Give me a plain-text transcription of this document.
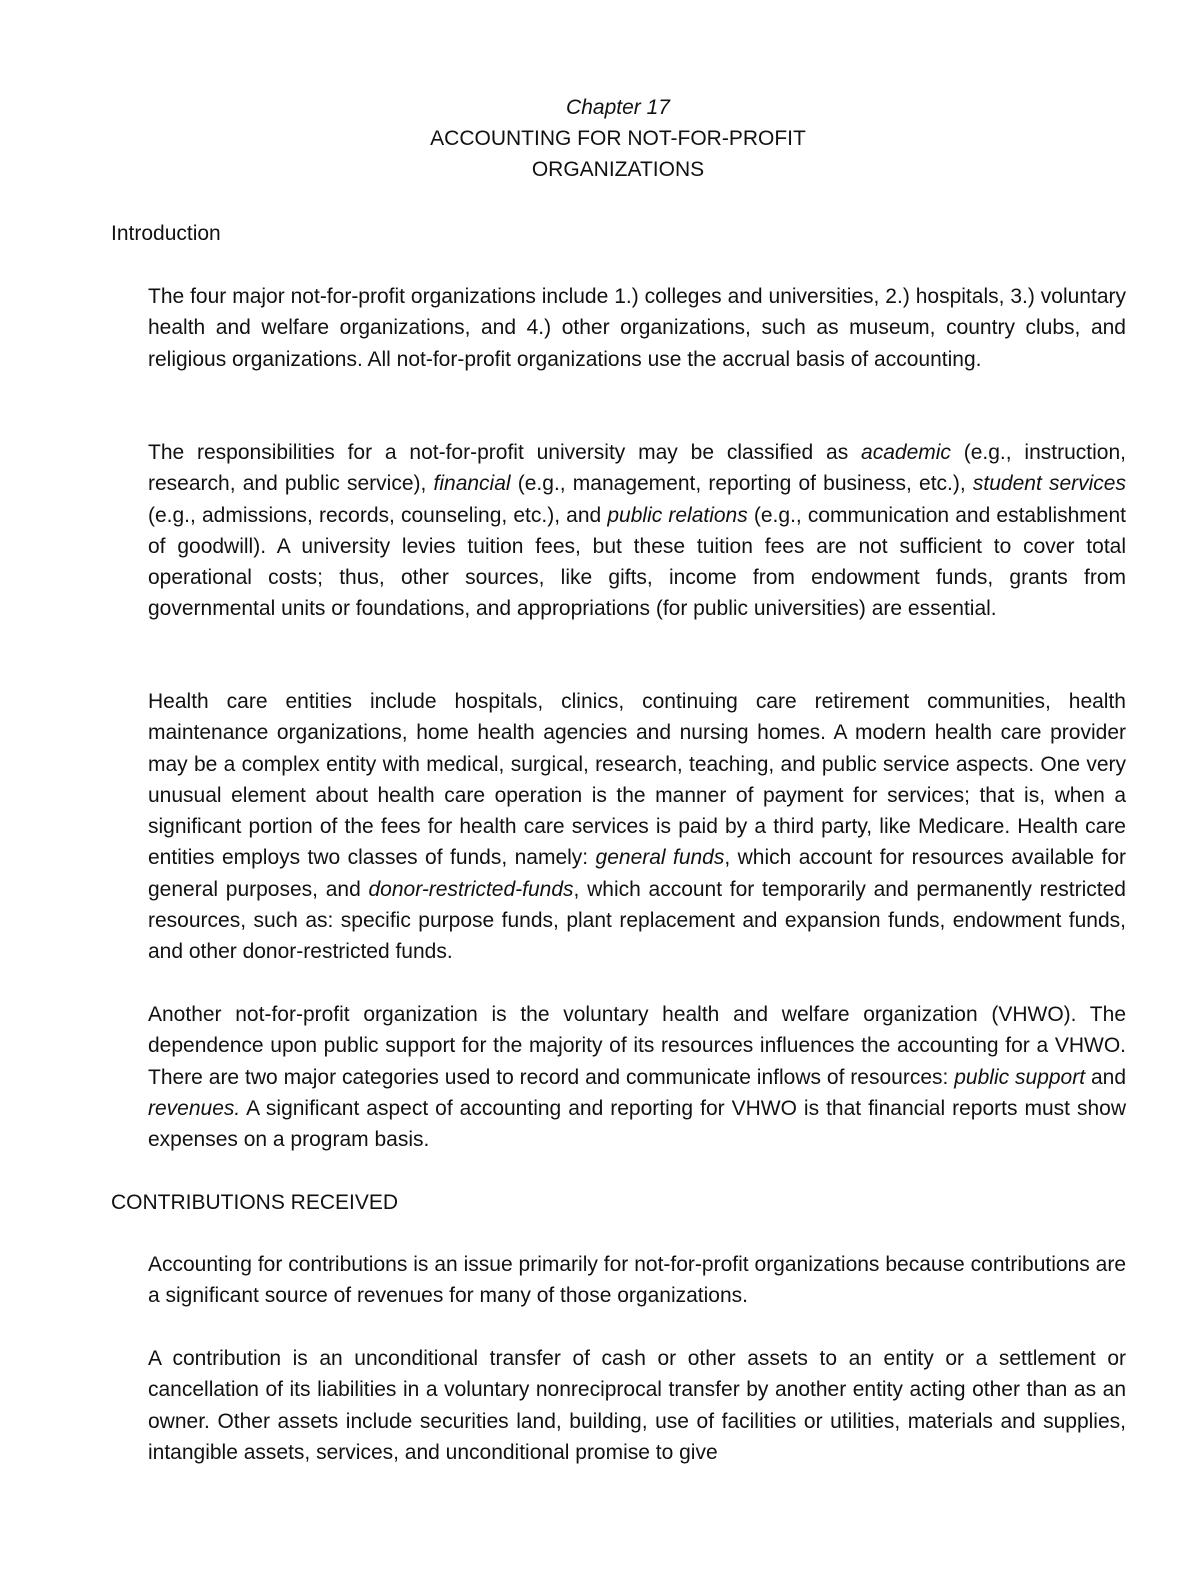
Chapter 17
ACCOUNTING FOR NOT-FOR-PROFIT
ORGANIZATIONS
Introduction

The four major not-for-profit organizations include 1.) colleges and universities, 2.) hospitals, 3.) voluntary health and welfare organizations, and 4.) other organizations, such as museum, country clubs, and religious organizations. All not-for-profit organizations use the accrual basis of accounting.

The responsibilities for a not-for-profit university may be classified as academic (e.g., instruction, research, and public service), financial (e.g., management, reporting of business, etc.), student services (e.g., admissions, records, counseling, etc.), and public relations (e.g., communication and establishment of goodwill). A university levies tuition fees, but these tuition fees are not sufficient to cover total operational costs; thus, other sources, like gifts, income from endowment funds, grants from governmental units or foundations, and appropriations (for public universities) are essential.

Health care entities include hospitals, clinics, continuing care retirement communities, health maintenance organizations, home health agencies and nursing homes. A modern health care provider may be a complex entity with medical, surgical, research, teaching, and public service aspects. One very unusual element about health care operation is the manner of payment for services; that is, when a significant portion of the fees for health care services is paid by a third party, like Medicare. Health care entities employs two classes of funds, namely: general funds, which account for resources available for general purposes, and donor-restricted-funds, which account for temporarily and permanently restricted resources, such as: specific purpose funds, plant replacement and expansion funds, endowment funds, and other donor-restricted funds.

Another not-for-profit organization is the voluntary health and welfare organization (VHWO). The dependence upon public support for the majority of its resources influences the accounting for a VHWO. There are two major categories used to record and communicate inflows of resources: public support and revenues. A significant aspect of accounting and reporting for VHWO is that financial reports must show expenses on a program basis.

CONTRIBUTIONS RECEIVED

Accounting for contributions is an issue primarily for not-for-profit organizations because contributions are a significant source of revenues for many of those organizations.

A contribution is an unconditional transfer of cash or other assets to an entity or a settlement or cancellation of its liabilities in a voluntary nonreciprocal transfer by another entity acting other than as an owner. Other assets include securities land, building, use of facilities or utilities, materials and supplies, intangible assets, services, and unconditional promise to give
